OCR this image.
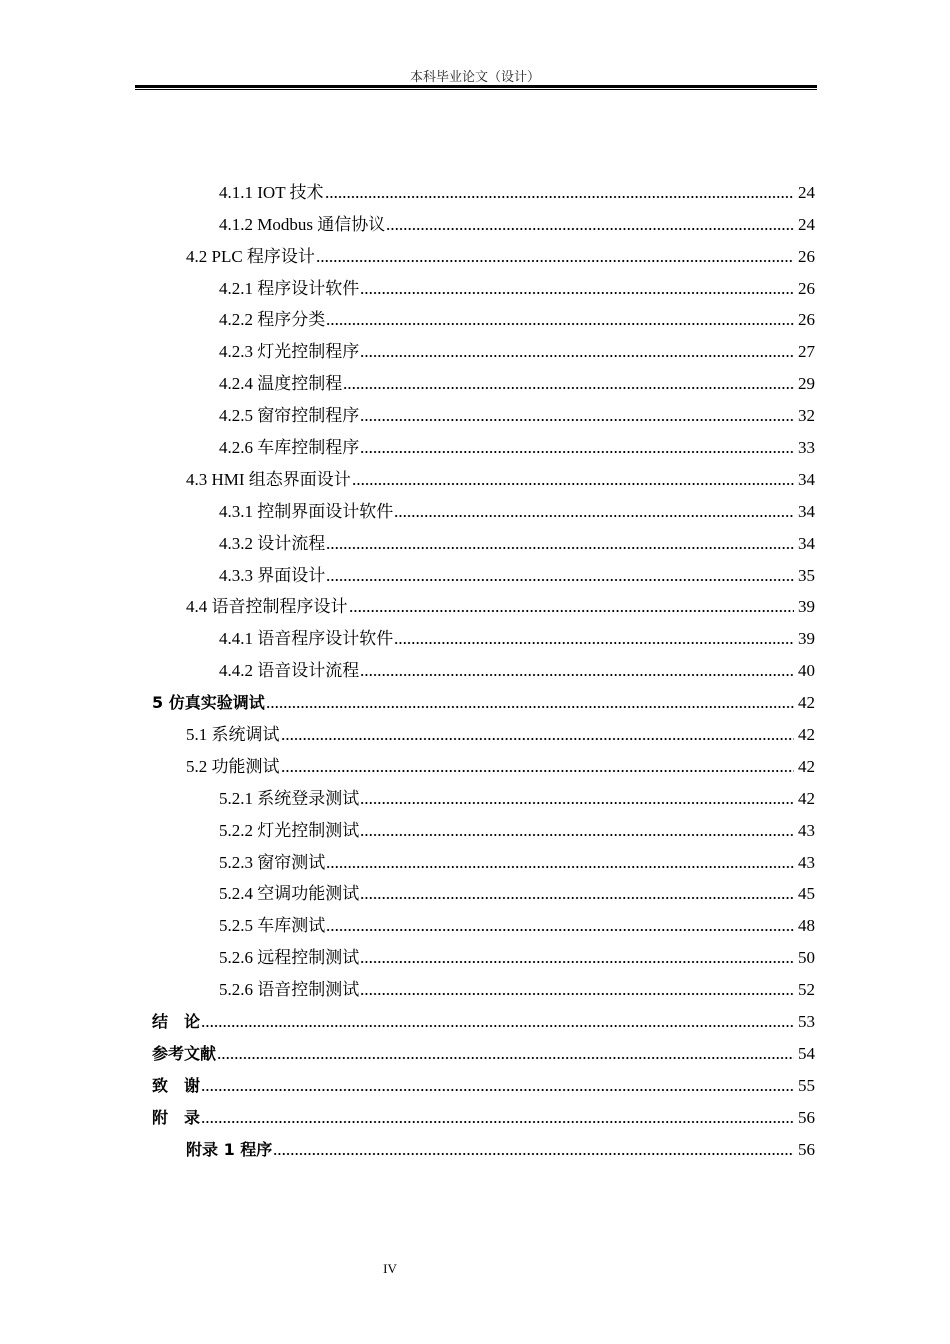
本科毕业论文（设计）
4.1.1 IOT 技术	24
4.1.2 Modbus 通信协议	24
4.2 PLC 程序设计	26
4.2.1 程序设计软件	26
4.2.2 程序分类	26
4.2.3 灯光控制程序	27
4.2.4 温度控制程	29
4.2.5 窗帘控制程序	32
4.2.6 车库控制程序	33
4.3 HMI 组态界面设计	34
4.3.1 控制界面设计软件	34
4.3.2 设计流程	34
4.3.3 界面设计	35
4.4 语音控制程序设计	39
4.4.1 语音程序设计软件	39
4.4.2 语音设计流程	40
5 仿真实验调试	42
5.1 系统调试	42
5.2 功能测试	42
5.2.1 系统登录测试	42
5.2.2 灯光控制测试	43
5.2.3 窗帘测试	43
5.2.4 空调功能测试	45
5.2.5 车库测试	48
5.2.6 远程控制测试	50
5.2.6 语音控制测试	52
结　论	53
参考文献	54
致　谢	55
附　录	56
附录 1 程序	56
IV
